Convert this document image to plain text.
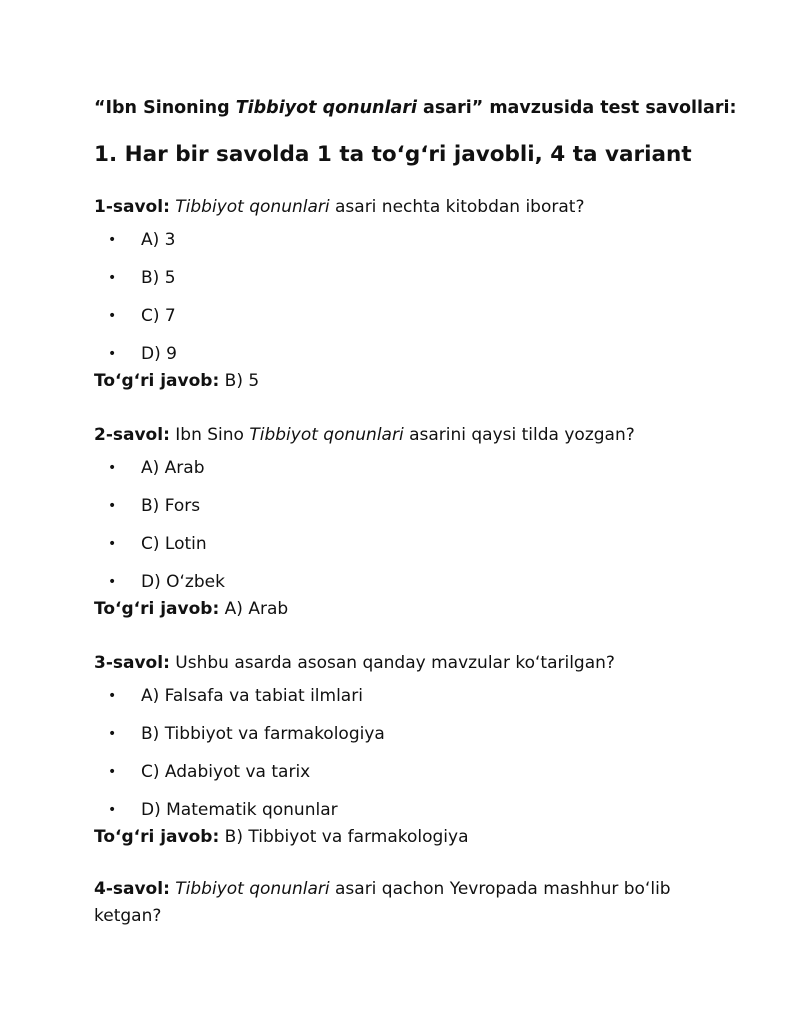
“Ibn Sinoning Tibbiyot qonunlari asari” mavzusida test savollari:
1. Har bir savolda 1 ta to‘g‘ri javobli, 4 ta variant

1-savol: Tibbiyot qonunlari asari nechta kitobdan iborat?

• A) 3
• B) 5
• C) 7
• D) 9

To‘g‘ri javob: B) 5

2-savol: Ibn Sino Tibbiyot qonunlari asarini qaysi tilda yozgan?

• A) Arab
• B) Fors
• C) Lotin
• D) O‘zbek

To‘g‘ri javob: A) Arab

3-savol: Ushbu asarda asosan qanday mavzular ko‘tarilgan?

• A) Falsafa va tabiat ilmlari
• B) Tibbiyot va farmakologiya
• C) Adabiyot va tarix
• D) Matematik qonunlar

To‘g‘ri javob: B) Tibbiyot va farmakologiya

4-savol: Tibbiyot qonunlari asari qachon Yevropada mashhur bo‘lib ketgan?
